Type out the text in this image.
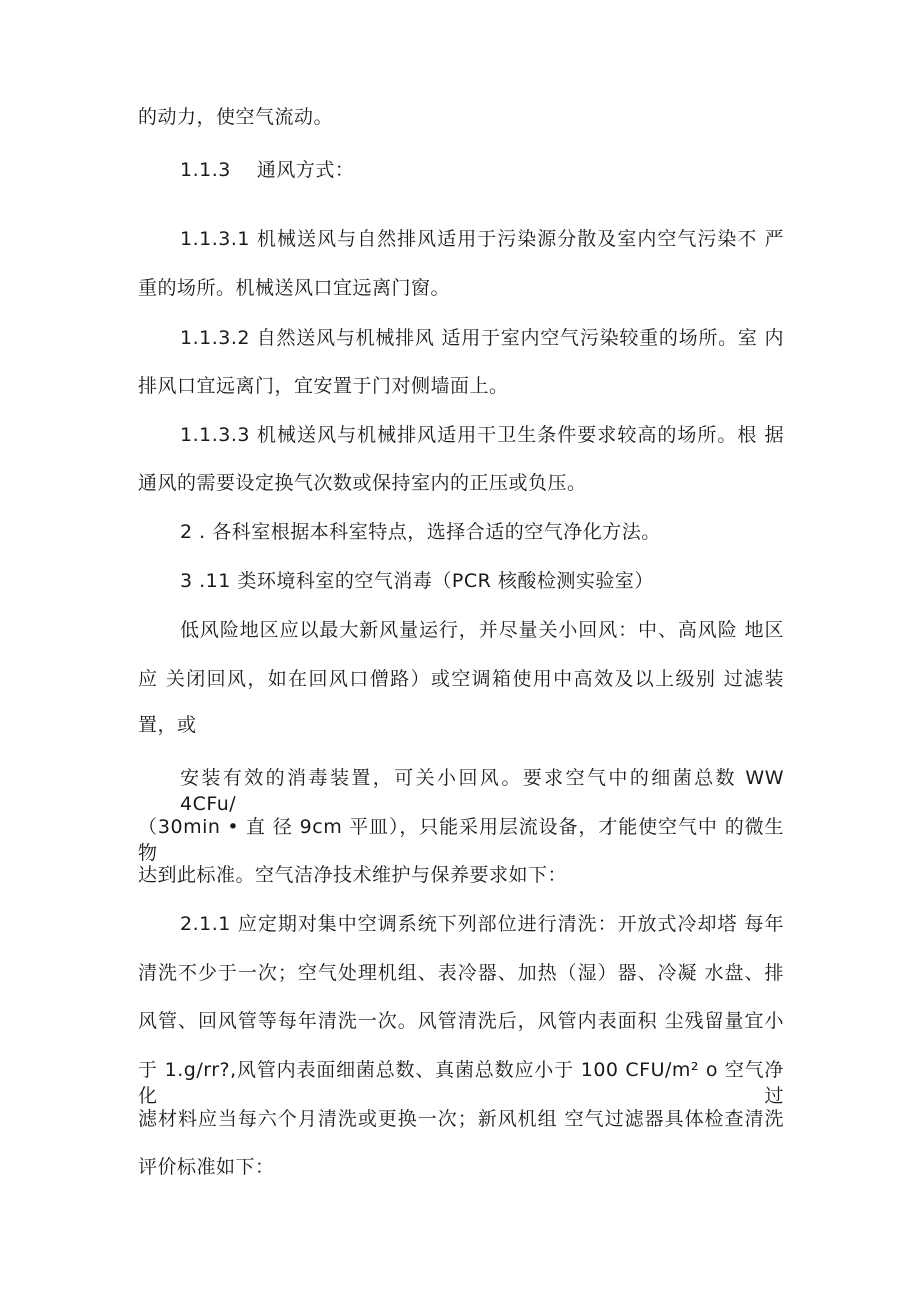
的动力，使空气流动。

1.1.3　 通风方式：

1.1.3.1 机械送风与自然排风适用于污染源分散及室内空气污染不 严

重的场所。机械送风口宜远离门窗。

1.1.3.2 自然送风与机械排风 适用于室内空气污染较重的场所。室 内

排风口宜远离门，宜安置于门对侧墙面上。

1.1.3.3 机械送风与机械排风适用干卫生条件要求较高的场所。根 据

通风的需要设定换气次数或保持室内的正压或负压。

2 . 各科室根据本科室特点，选择合适的空气净化方法。

3 .11 类环境科室的空气消毒（PCR 核酸检测实验室）

低风险地区应以最大新风量运行，并尽量关小回风：中、高风险 地区

应 关闭回风，如在回风口僧路）或空调箱使用中高效及以上级别 过滤装

置，或

安装有效的消毒装置，可关小回风。要求空气中的细菌总数 WW 4CFu∕

（30min • 直 径 9cm 平皿），只能采用层流设备，才能使空气中 的微生物

达到此标准。空气洁净技术维护与保养要求如下：

2.1.1 应定期对集中空调系统下列部位进行清洗：开放式冷却塔 每年

清洗不少于一次；空气处理机组、表冷器、加热（湿）器、冷凝 水盘、排

风管、回风管等每年清洗一次。风管清洗后，风管内表面积 尘残留量宜小

于 1.g/rr?,风管内表面细菌总数、真菌总数应小于 100 CFU∕m² o 空气净化过

滤材料应当每六个月清洗或更换一次；新风机组 空气过滤器具体检查清洗

评价标准如下：
